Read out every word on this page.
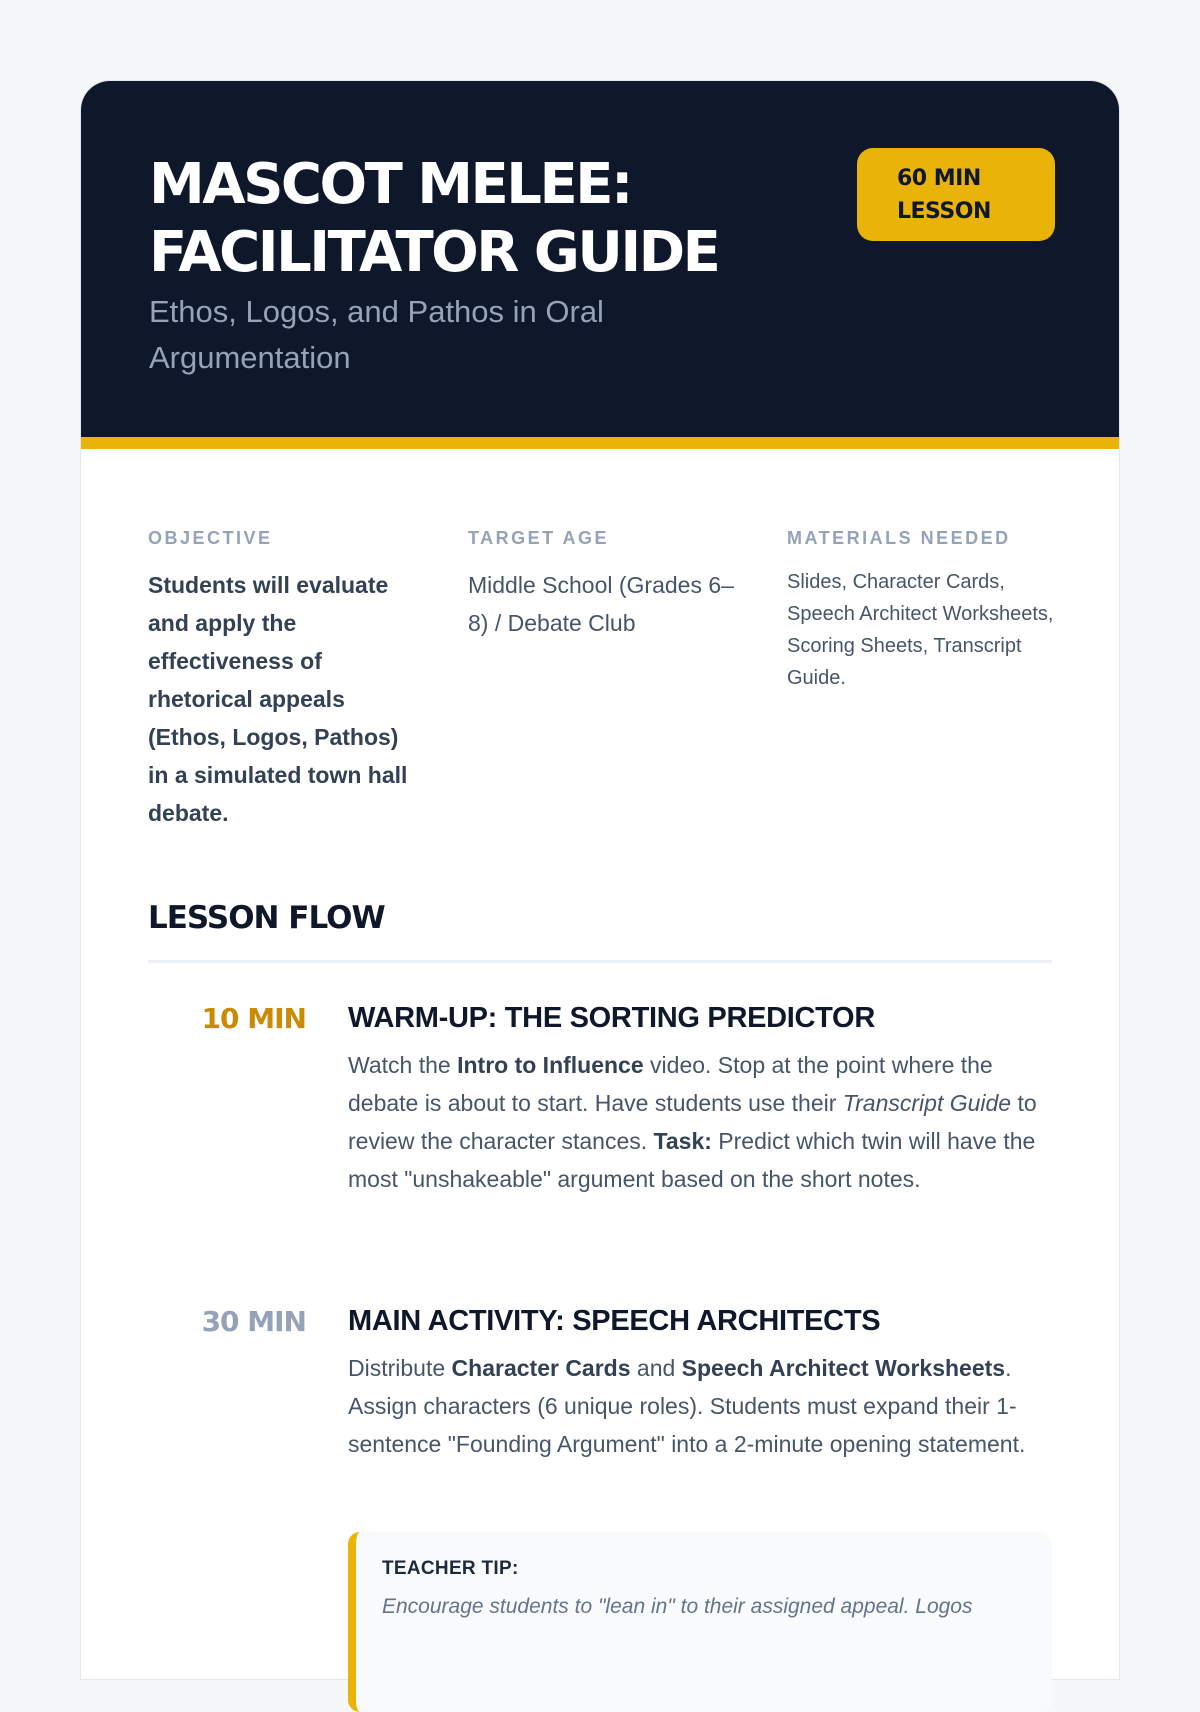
MASCOT MELEE: FACILITATOR GUIDE

Ethos, Logos, and Pathos in Oral Argumentation

60 MIN LESSON

OBJECTIVE

Students will evaluate and apply the effectiveness of rhetorical appeals (Ethos, Logos, Pathos) in a simulated town hall debate.

TARGET AGE

Middle School (Grades 6–8) / Debate Club

MATERIALS NEEDED

Slides, Character Cards, Speech Architect Worksheets, Scoring Sheets, Transcript Guide.

LESSON FLOW

10 MIN WARM-UP: THE SORTING PREDICTOR

Watch the Intro to Influence video. Stop at the point where the debate is about to start. Have students use their Transcript Guide to review the character stances. Task: Predict which twin will have the most "unshakeable" argument based on the short notes.

30 MIN MAIN ACTIVITY: SPEECH ARCHITECTS

Distribute Character Cards and Speech Architect Worksheets. Assign characters (6 unique roles). Students must expand their 1-sentence "Founding Argument" into a 2-minute opening statement.

TEACHER TIP:

Encourage students to "lean in" to their assigned appeal. Logos
